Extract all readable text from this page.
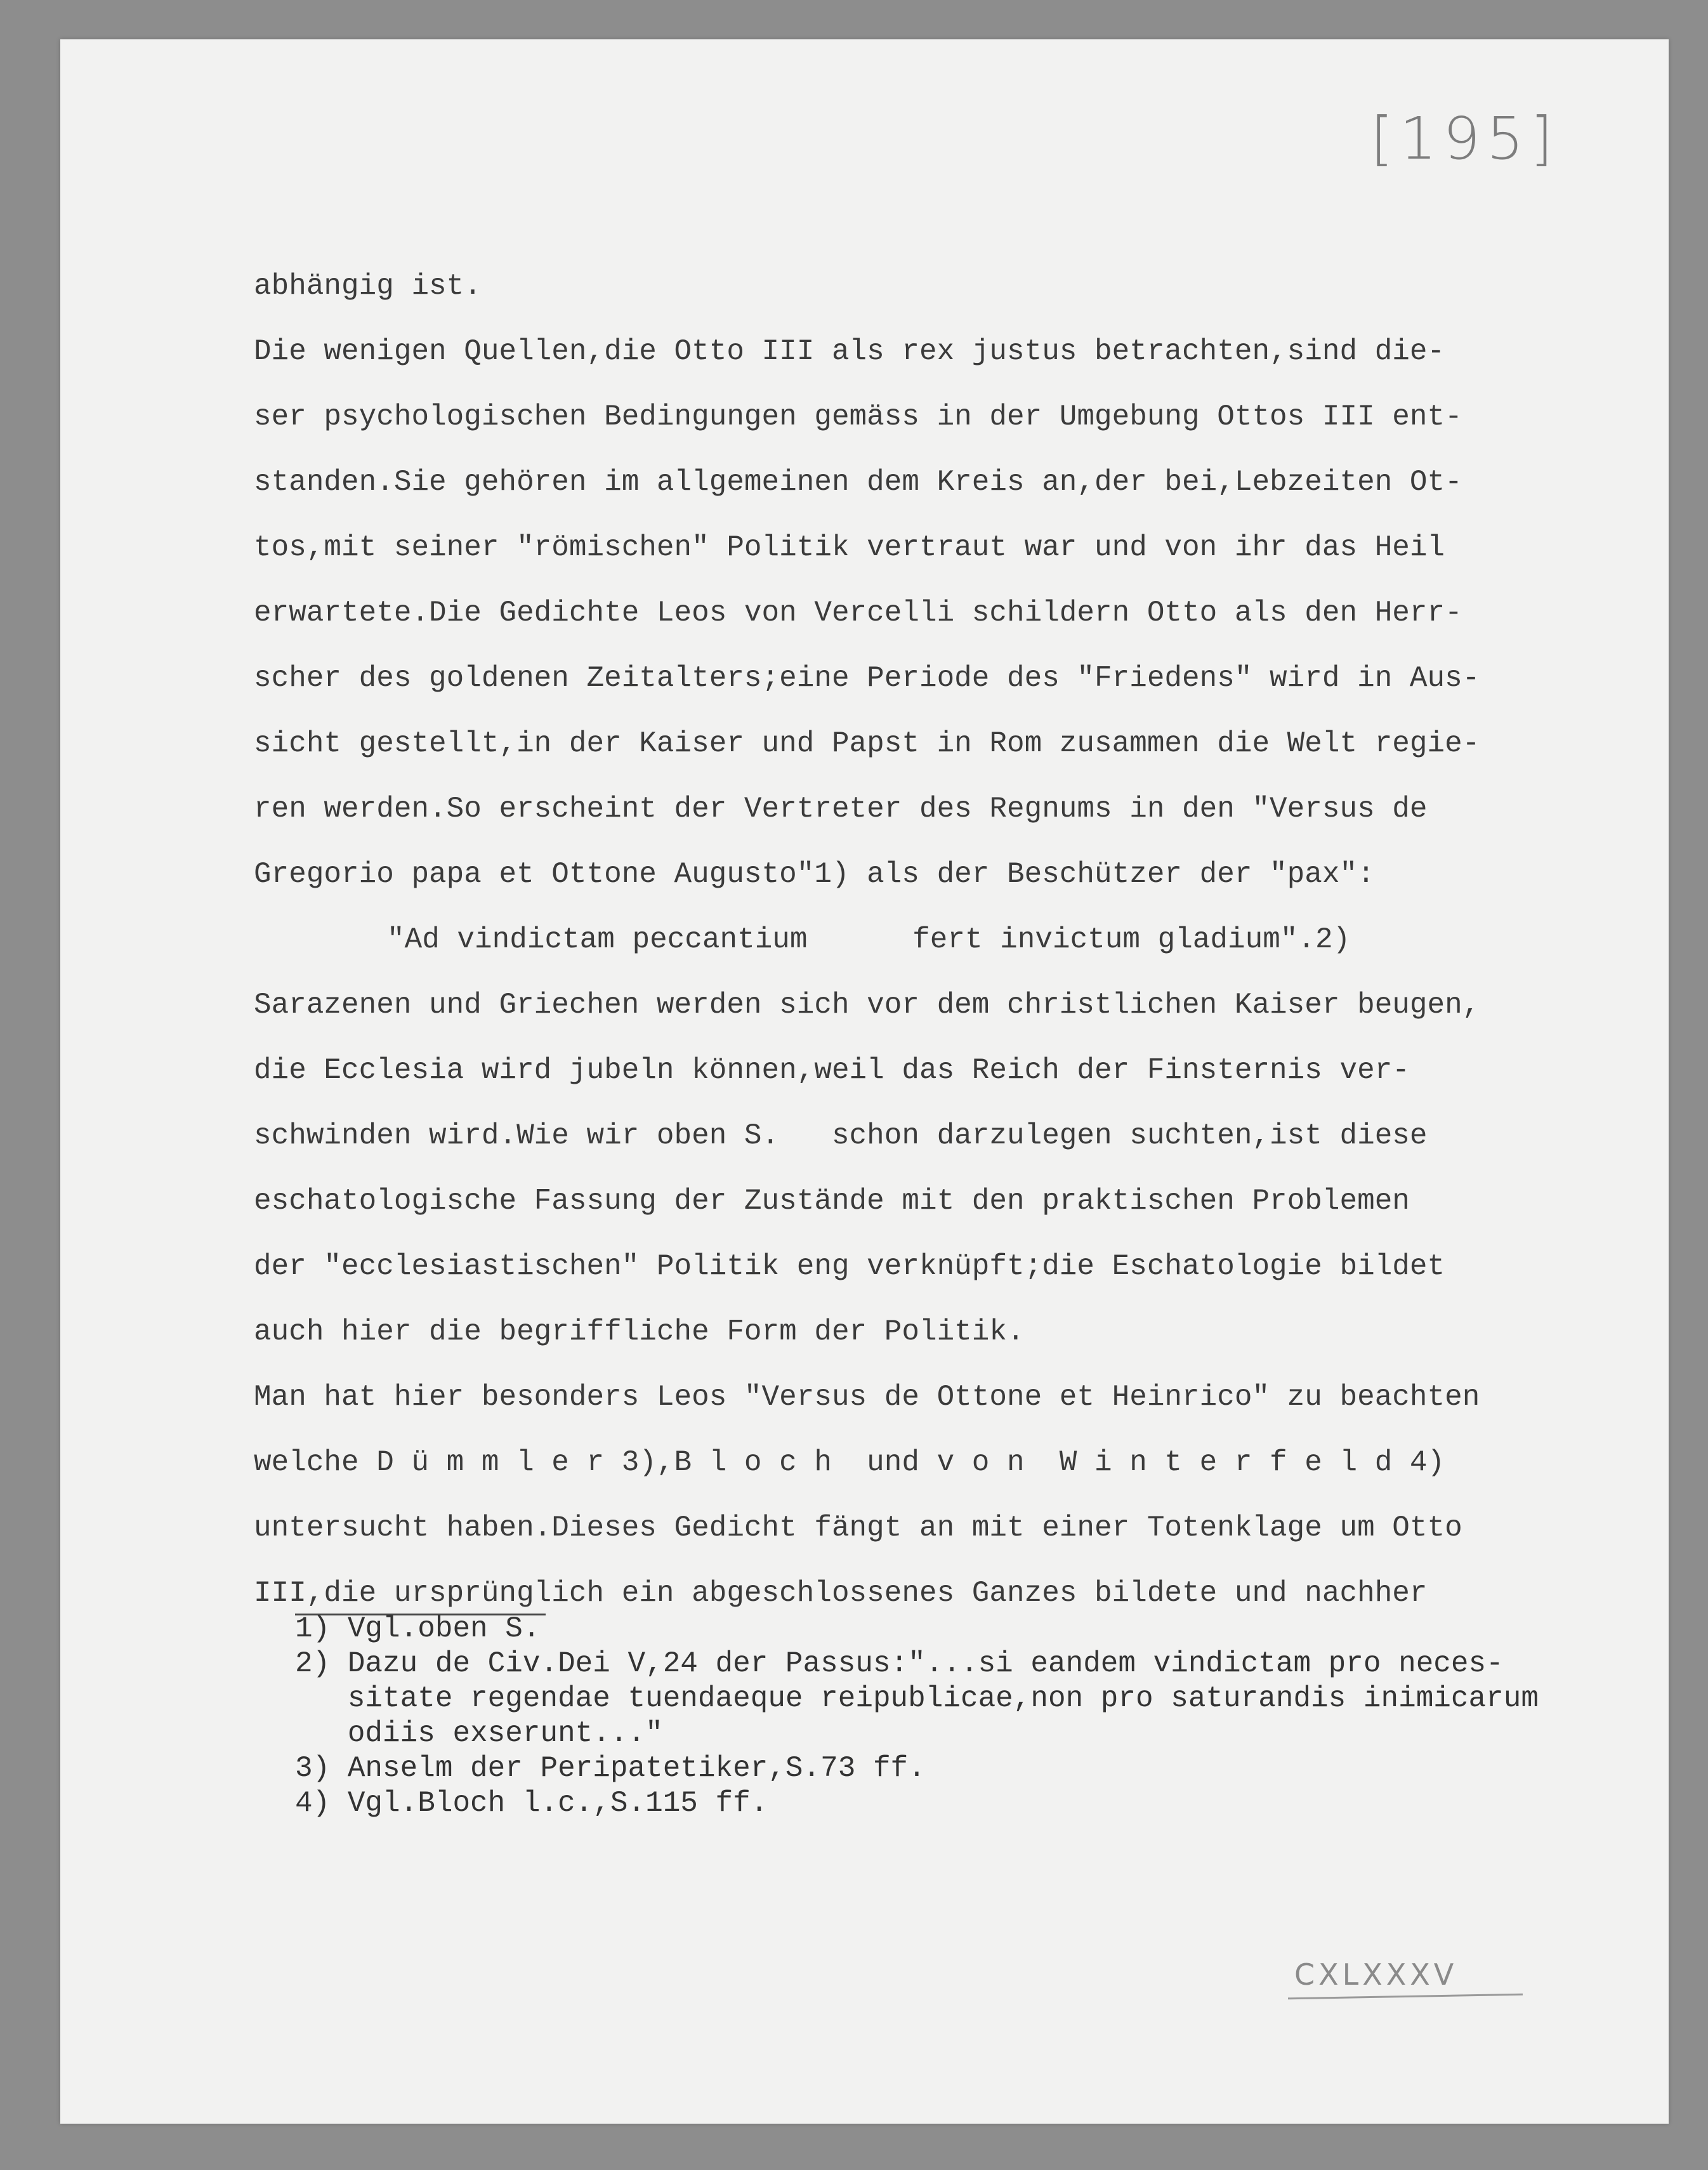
[195]
abhängig ist.
Die wenigen Quellen,die Otto III als rex justus betrachten,sind die-
ser psychologischen Bedingungen gemäss in der Umgebung Ottos III ent-
standen.Sie gehören im allgemeinen dem Kreis an,der bei,Lebzeiten Ot-
tos,mit seiner "römischen" Politik vertraut war und von ihr das Heil
erwartete.Die Gedichte Leos von Vercelli schildern Otto als den Herr-
scher des goldenen Zeitalters;eine Periode des "Friedens" wird in Aus-
sicht gestellt,in der Kaiser und Papst in Rom zusammen die Welt regie-
ren werden.So erscheint der Vertreter des Regnums in den "Versus de
Gregorio papa et Ottone Augusto"1) als der Beschützer der "pax":
"Ad vindictam peccantium      fert invictum gladium".2)
Sarazenen und Griechen werden sich vor dem christlichen Kaiser beugen,
die Ecclesia wird jubeln können,weil das Reich der Finsternis ver-
schwinden wird.Wie wir oben S.   schon darzulegen suchten,ist diese
eschatologische Fassung der Zustände mit den praktischen Problemen
der "ecclesiastischen" Politik eng verknüpft;die Eschatologie bildet
auch hier die begriffliche Form der Politik.
Man hat hier besonders Leos "Versus de Ottone et Heinrico" zu beachten
welche D ü m m l e r 3),B l o c h  und v o n  W i n t e r f e l d 4)
untersucht haben.Dieses Gedicht fängt an mit einer Totenklage um Otto
III,die ursprünglich ein abgeschlossenes Ganzes bildete und nachher
1) Vgl.oben S.
2) Dazu de Civ.Dei V,24 der Passus:"...si eandem vindictam pro neces-
sitate regendae tuendaeque reipublicae,non pro saturandis inimicarum
odiis exserunt..."
3) Anselm der Peripatetiker,S.73 ff.
4) Vgl.Bloch l.c.,S.115 ff.
CXLXXXV
